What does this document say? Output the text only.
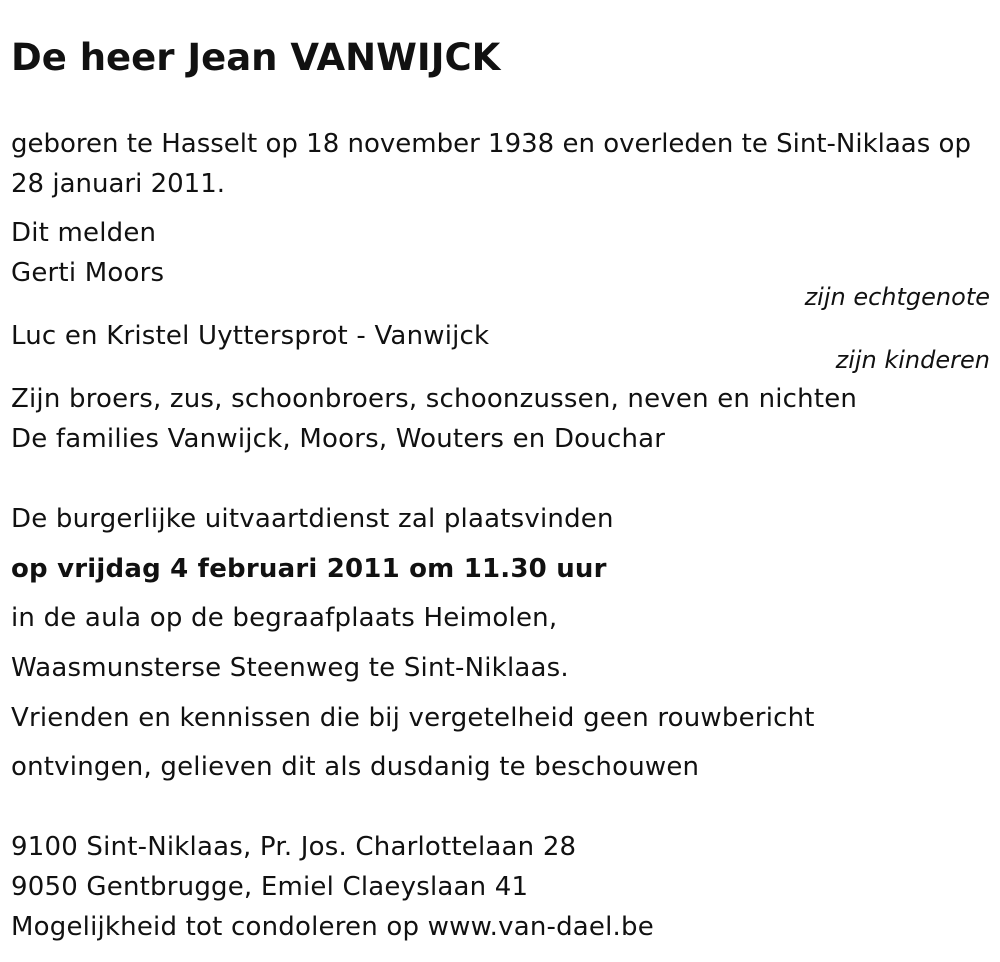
De heer Jean VANWIJCK
geboren te Hasselt op 18 november 1938 en overleden te Sint-Niklaas op 28 januari 2011.
Dit melden
Gerti Moors
zijn echtgenote
Luc en Kristel Uyttersprot - Vanwijck
zijn kinderen
Zijn broers, zus, schoonbroers, schoonzussen, neven en nichten
De families Vanwijck, Moors, Wouters en Douchar
De burgerlijke uitvaartdienst zal plaatsvinden
op vrijdag 4 februari 2011 om 11.30 uur
in de aula op de begraafplaats Heimolen,
Waasmunsterse Steenweg te Sint-Niklaas.
Vrienden en kennissen die bij vergetelheid geen rouwbericht
ontvingen, gelieven dit als dusdanig te beschouwen
9100 Sint-Niklaas, Pr. Jos. Charlottelaan 28
9050 Gentbrugge, Emiel Claeyslaan 41
Mogelijkheid tot condoleren op www.van-dael.be
